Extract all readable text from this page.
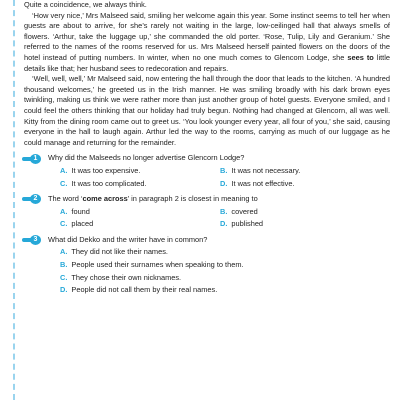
Quite a coincidence, we always think.

‘How very nice,’ Mrs Malseed said, smiling her welcome again this year. Some instinct seems to tell her when guests are about to arrive, for she’s rarely not waiting in the large, low-ceilinged hall that always smells of flowers. ‘Arthur, take the luggage up,’ she commanded the old porter. ‘Rose, Tulip, Lily and Geranium.’ She referred to the names of the rooms reserved for us. Mrs Malseed herself painted flowers on the doors of the hotel instead of putting numbers. In winter, when no one much comes to Glencom Lodge, she sees to little details like that; her husband sees to redecoration and repairs.

‘Well, well, well,’ Mr Malseed said, now entering the hall through the door that leads to the kitchen. ‘A hundred thousand welcomes,’ he greeted us in the Irish manner. He was smiling broadly with his dark brown eyes twinkling, making us think we were rather more than just another group of hotel guests. Everyone smiled, and I could feel the others thinking that our holiday had truly begun. Nothing had changed at Glencorn, all was well. Kitty from the dining room came out to greet us. ‘You look younger every year, all four of you,’ she said, causing everyone in the hall to laugh again. Arthur led the way to the rooms, carrying as much of our luggage as he could manage and returning for the remainder.

1	Why did the Malseeds no longer advertise Glencorn Lodge?
A. It was too expensive.	B. It was not necessary.
C. It was too complicated.	D. It was not effective.
2	The word ‘come across’ in paragraph 2 is closest in meaning to
A. found	B. covered
C. placed	D. published
3	What did Dekko and the writer have in common?
A. They did not like their names.
B. People used their surnames when speaking to them.
C. They chose their own nicknames.
D. People did not call them by their real names.
